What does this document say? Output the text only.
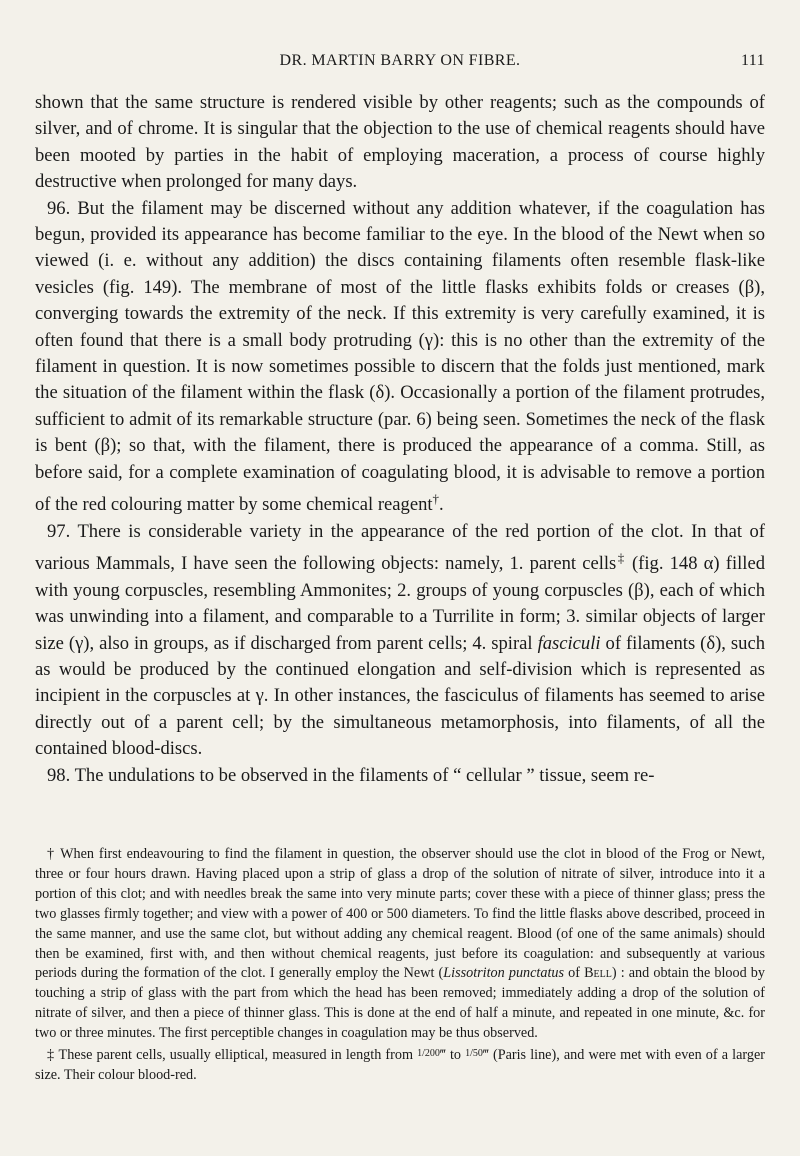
DR. MARTIN BARRY ON FIBRE.	111

shown that the same structure is rendered visible by other reagents; such as the compounds of silver, and of chrome. It is singular that the objection to the use of chemical reagents should have been mooted by parties in the habit of employing maceration, a process of course highly destructive when prolonged for many days.

96. But the filament may be discerned without any addition whatever, if the coagulation has begun, provided its appearance has become familiar to the eye. In the blood of the Newt when so viewed (i. e. without any addition) the discs containing filaments often resemble flask-like vesicles (fig. 149). The membrane of most of the little flasks exhibits folds or creases (β), converging towards the extremity of the neck. If this extremity is very carefully examined, it is often found that there is a small body protruding (γ): this is no other than the extremity of the filament in question. It is now sometimes possible to discern that the folds just mentioned, mark the situation of the filament within the flask (δ). Occasionally a portion of the filament protrudes, sufficient to admit of its remarkable structure (par. 6) being seen. Sometimes the neck of the flask is bent (β); so that, with the filament, there is produced the appearance of a comma. Still, as before said, for a complete examination of coagulating blood, it is advisable to remove a portion of the red colouring matter by some chemical reagent†.

97. There is considerable variety in the appearance of the red portion of the clot. In that of various Mammals, I have seen the following objects: namely, 1. parent cells‡ (fig. 148 α) filled with young corpuscles, resembling Ammonites; 2. groups of young corpuscles (β), each of which was unwinding into a filament, and comparable to a Turrilite in form; 3. similar objects of larger size (γ), also in groups, as if discharged from parent cells; 4. spiral fasciculi of filaments (δ), such as would be produced by the continued elongation and self-division which is represented as incipient in the corpuscles at γ. In other instances, the fasciculus of filaments has seemed to arise directly out of a parent cell; by the simultaneous metamorphosis, into filaments, of all the contained blood-discs.

98. The undulations to be observed in the filaments of “ cellular ” tissue, seem re-

† When first endeavouring to find the filament in question, the observer should use the clot in blood of the Frog or Newt, three or four hours drawn. Having placed upon a strip of glass a drop of the solution of nitrate of silver, introduce into it a portion of this clot; and with needles break the same into very minute parts; cover these with a piece of thinner glass; press the two glasses firmly together; and view with a power of 400 or 500 diameters. To find the little flasks above described, proceed in the same manner, and use the same clot, but without adding any chemical reagent. Blood (of one of the same animals) should then be examined, first with, and then without chemical reagents, just before its coagulation: and subsequently at various periods during the formation of the clot. I generally employ the Newt (Lissotriton punctatus of Bell) : and obtain the blood by touching a strip of glass with the part from which the head has been removed; immediately adding a drop of the solution of nitrate of silver, and then a piece of thinner glass. This is done at the end of half a minute, and repeated in one minute, &c. for two or three minutes. The first perceptible changes in coagulation may be thus observed.

‡ These parent cells, usually elliptical, measured in length from $^{1/200}$‴ to $^{1/50}$‴ (Paris line), and were met with even of a larger size. Their colour blood-red.
